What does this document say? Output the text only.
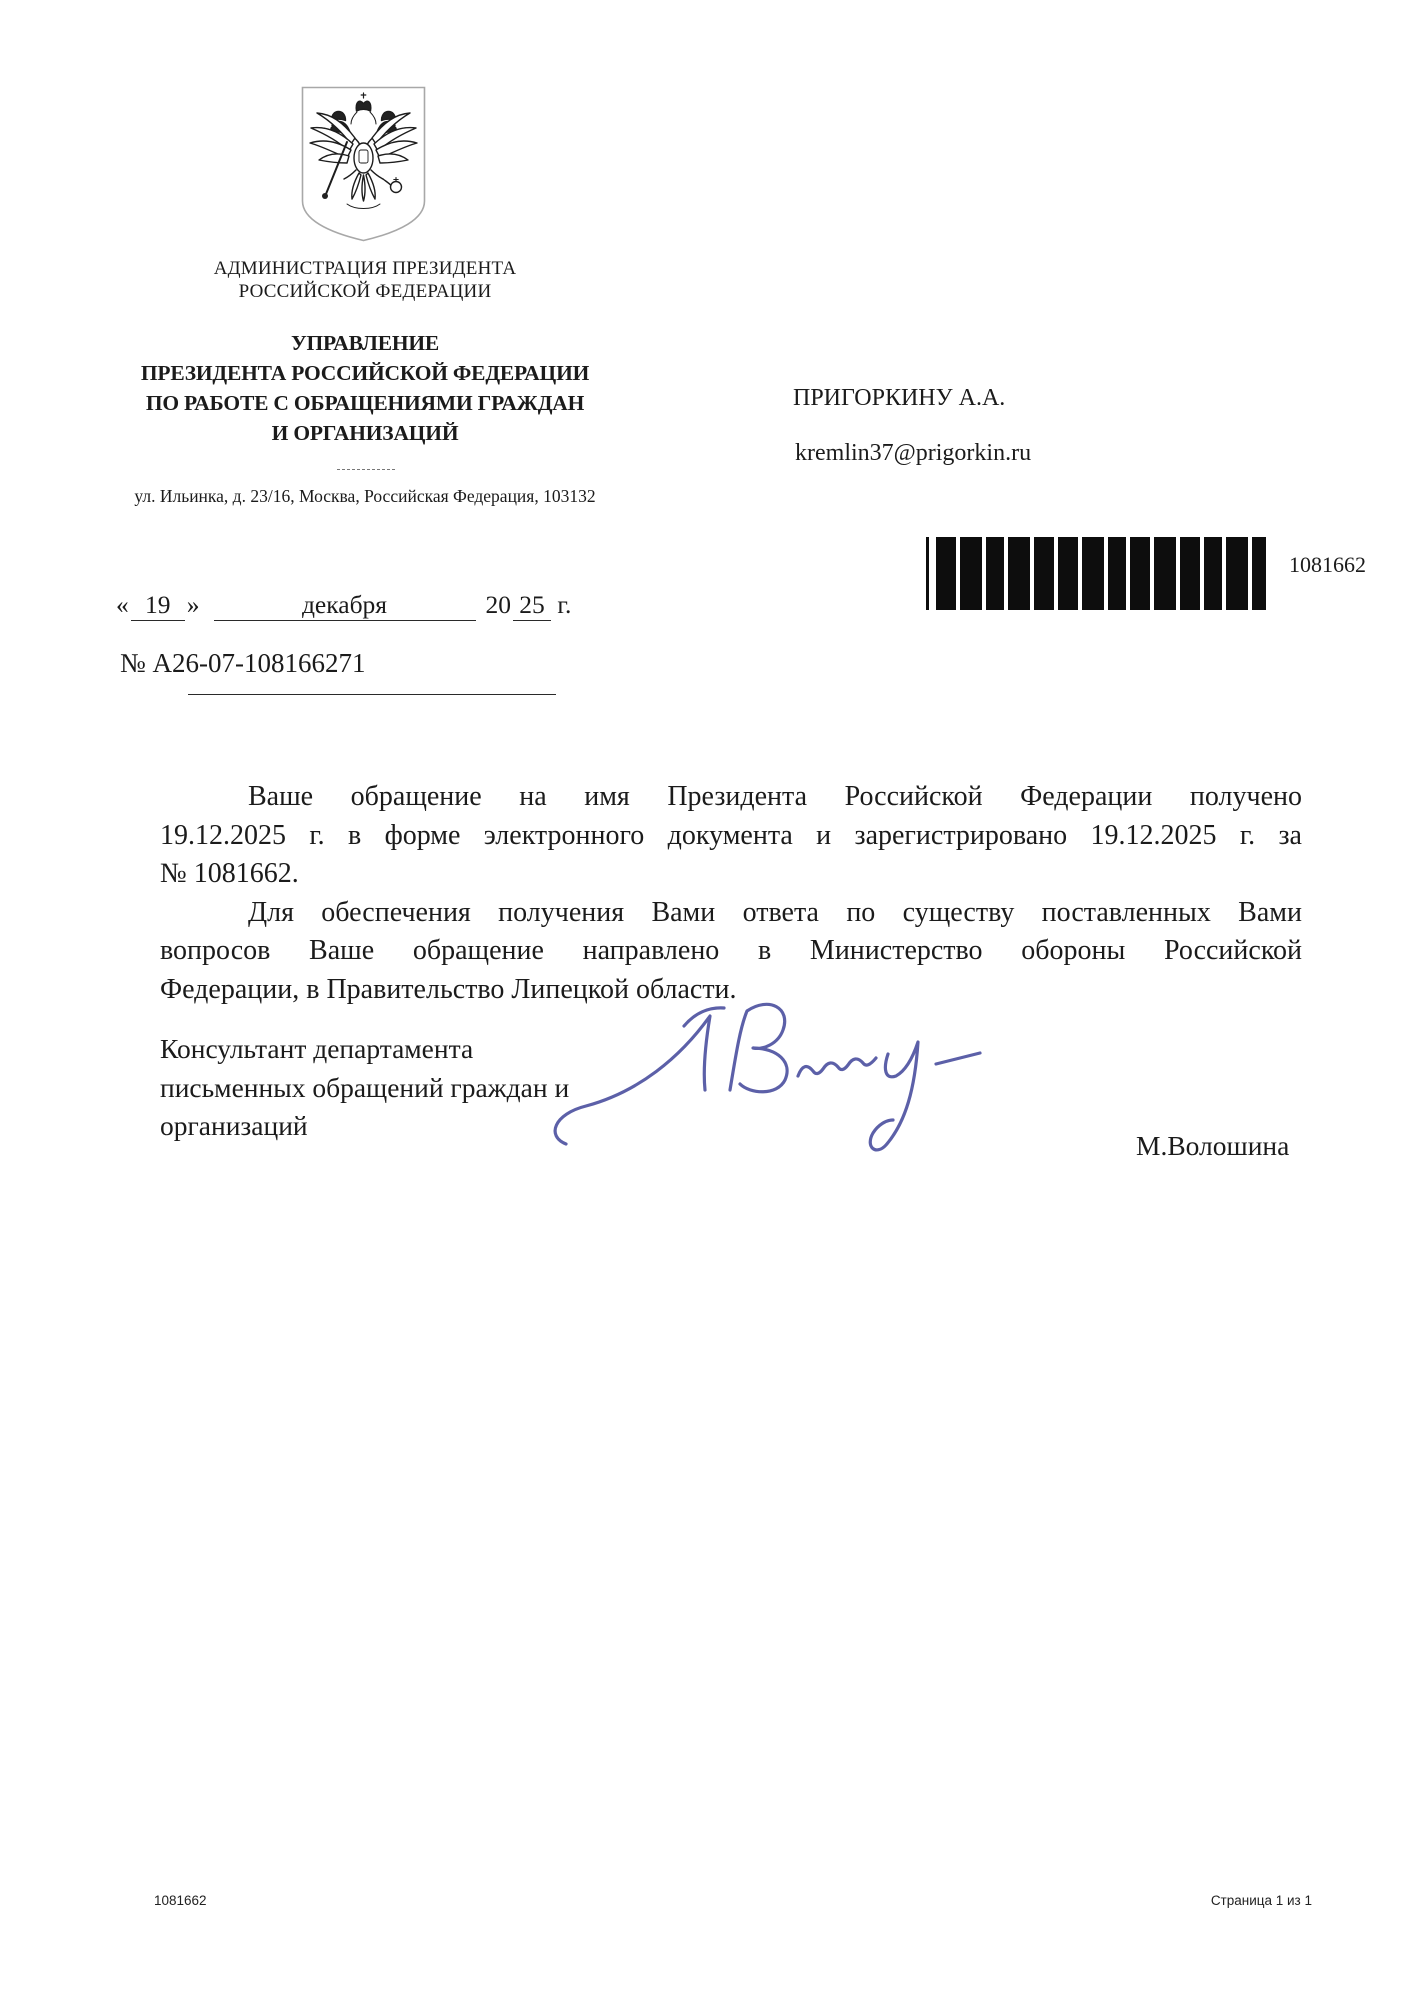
АДМИНИСТРАЦИЯ ПРЕЗИДЕНТА
РОССИЙСКОЙ ФЕДЕРАЦИИ
УПРАВЛЕНИЕ
ПРЕЗИДЕНТА РОССИЙСКОЙ ФЕДЕРАЦИИ
ПО РАБОТЕ С ОБРАЩЕНИЯМИ ГРАЖДАН
И ОРГАНИЗАЦИЙ
ул. Ильинка, д. 23/16, Москва, Российская Федерация, 103132
ПРИГОРКИНУ А.А.
kremlin37@prigorkin.ru
1081662
« 19 »	декабря	20 25 г.
№ А26-07-108166271
Ваше обращение на имя Президента Российской Федерации получено
19.12.2025 г. в форме электронного документа и зарегистрировано 19.12.2025 г. за
№ 1081662.
Для обеспечения получения Вами ответа по существу поставленных Вами
вопросов Ваше обращение направлено в Министерство обороны Российской
Федерации, в Правительство Липецкой области.
Консультант департамента письменных обращений граждан и организаций
М.Волошина
1081662	Страница 1 из 1
